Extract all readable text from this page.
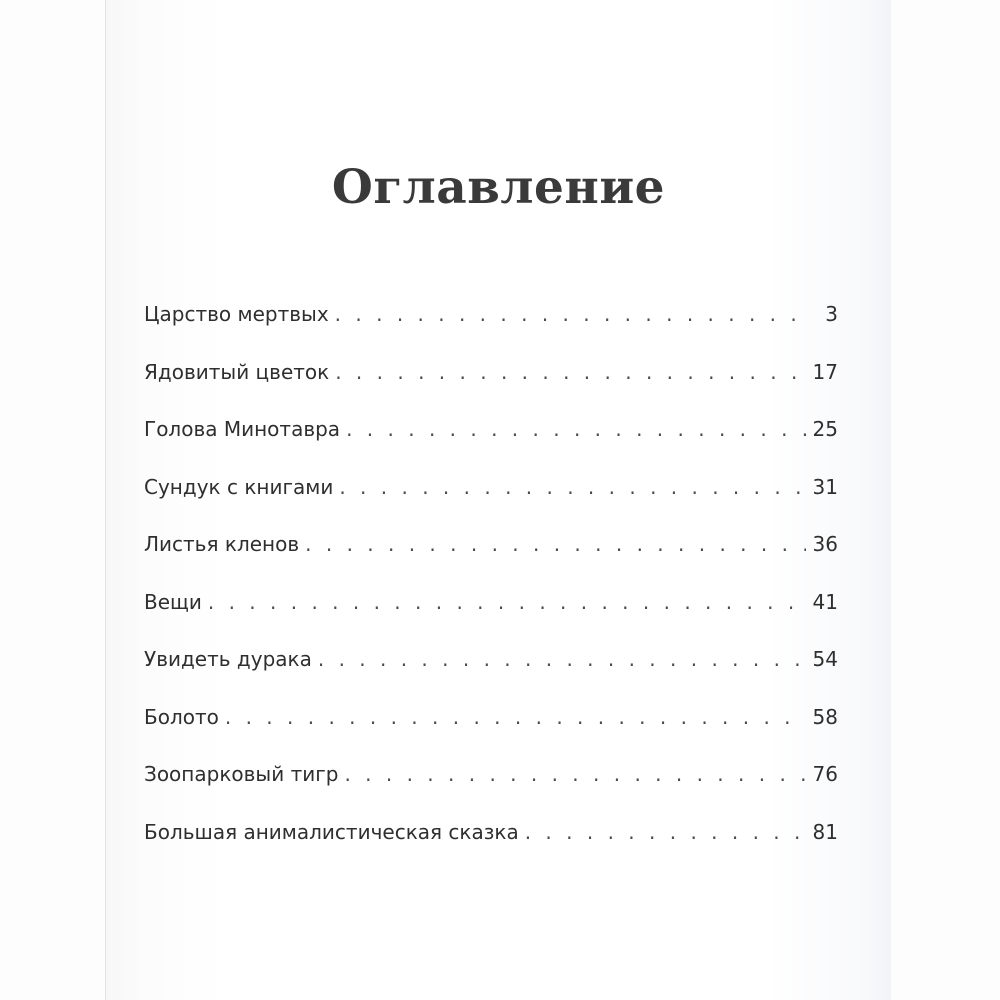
Оглавление
Царство мертвых . . .	3
Ядовитый цветок . . .	17
Голова Минотавра . . .	25
Сундук с книгами . . .	31
Листья кленов . . .	36
Вещи . . .	41
Увидеть дурака . . .	54
Болото . . .	58
Зоопарковый тигр . . .	76
Большая анималистическая сказка . . .	81
